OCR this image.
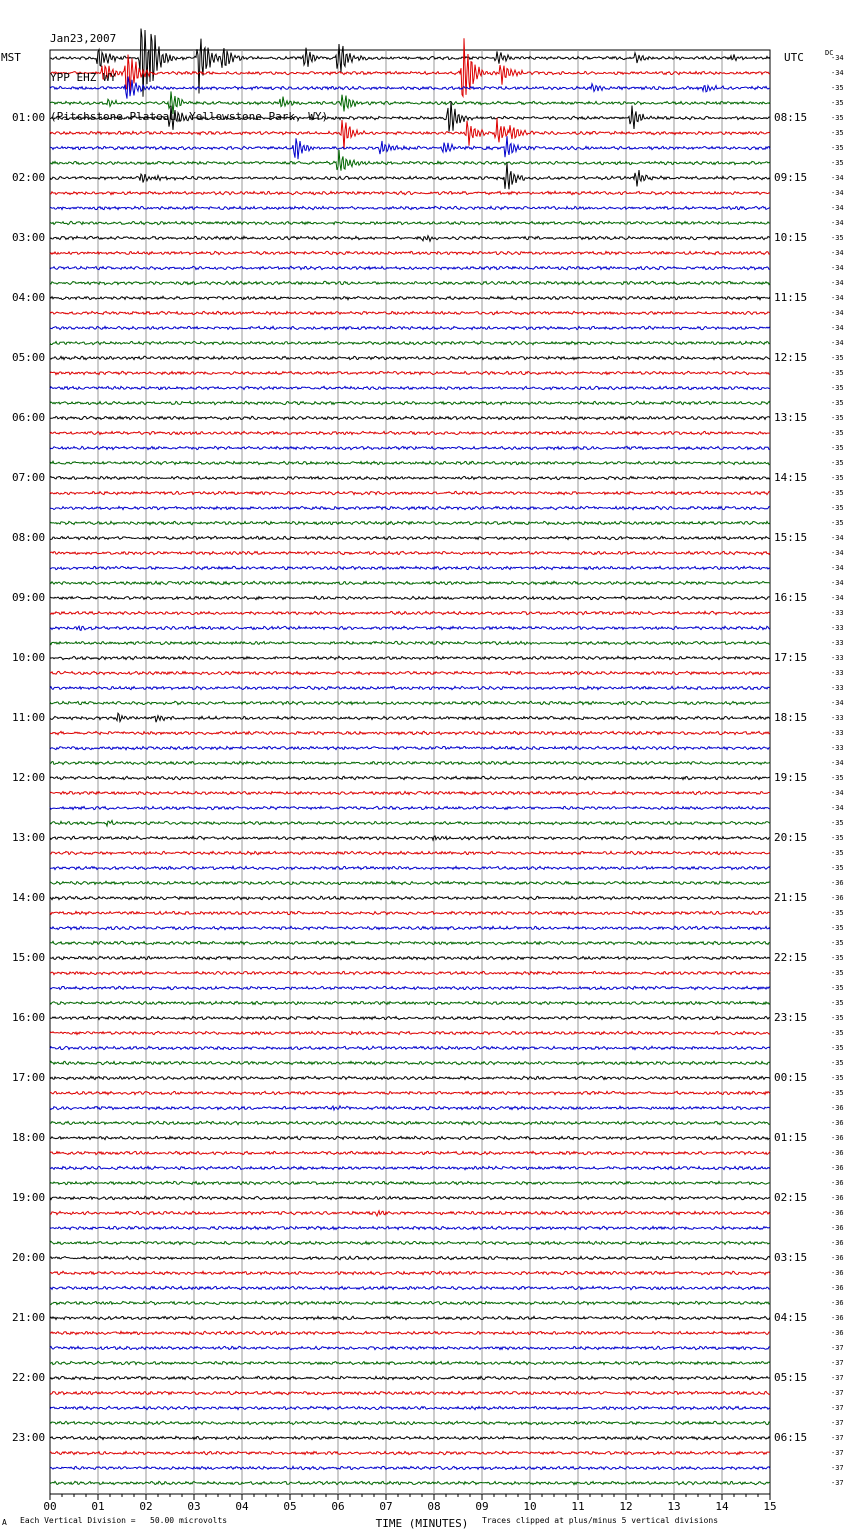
00	01	02	03	04	05	06	07	08	09	10	11	12	13	14	15
TIME (MINUTES)

Jan23,2007

YPP EHZ WY

(Pitchstone Plateau, Yellowstone Park, WY)

MST	UTC	DC
01:00	08:15
02:00	09:15
03:00	10:15
04:00	11:15
05:00	12:15
06:00	13:15
07:00	14:15
08:00	15:15
09:00	16:15
10:00	17:15
11:00	18:15
12:00	19:15
13:00	20:15
14:00	21:15
15:00	22:15
16:00	23:15
17:00	00:15
18:00	01:15
19:00	02:15
20:00	03:15
21:00	04:15
22:00	05:15
23:00	06:15
-34
-34
-35
-35
-35
-35
-35
-35
-34
-34
-34
-34
-35
-34
-34
-34
-34
-34
-34
-34
-35
-35
-35
-35
-35
-35
-35
-35
-35
-35
-35
-35
-34
-34
-34
-34
-34
-33
-33
-33
-33
-33
-33
-34
-33
-33
-33
-34
-35
-34
-34
-35
-35
-35
-35
-36
-36
-35
-35
-35
-35
-35
-35
-35
-35
-35
-35
-35
-35
-35
-36
-36
-36
-36
-36
-36
-36
-36
-36
-36
-36
-36
-36
-36
-36
-36
-37
-37
-37
-37
-37
-37
-37
-37
-37
-37
A Each Vertical Division =   50.00 microvolts	Traces clipped at plus/minus 5 vertical divisions
